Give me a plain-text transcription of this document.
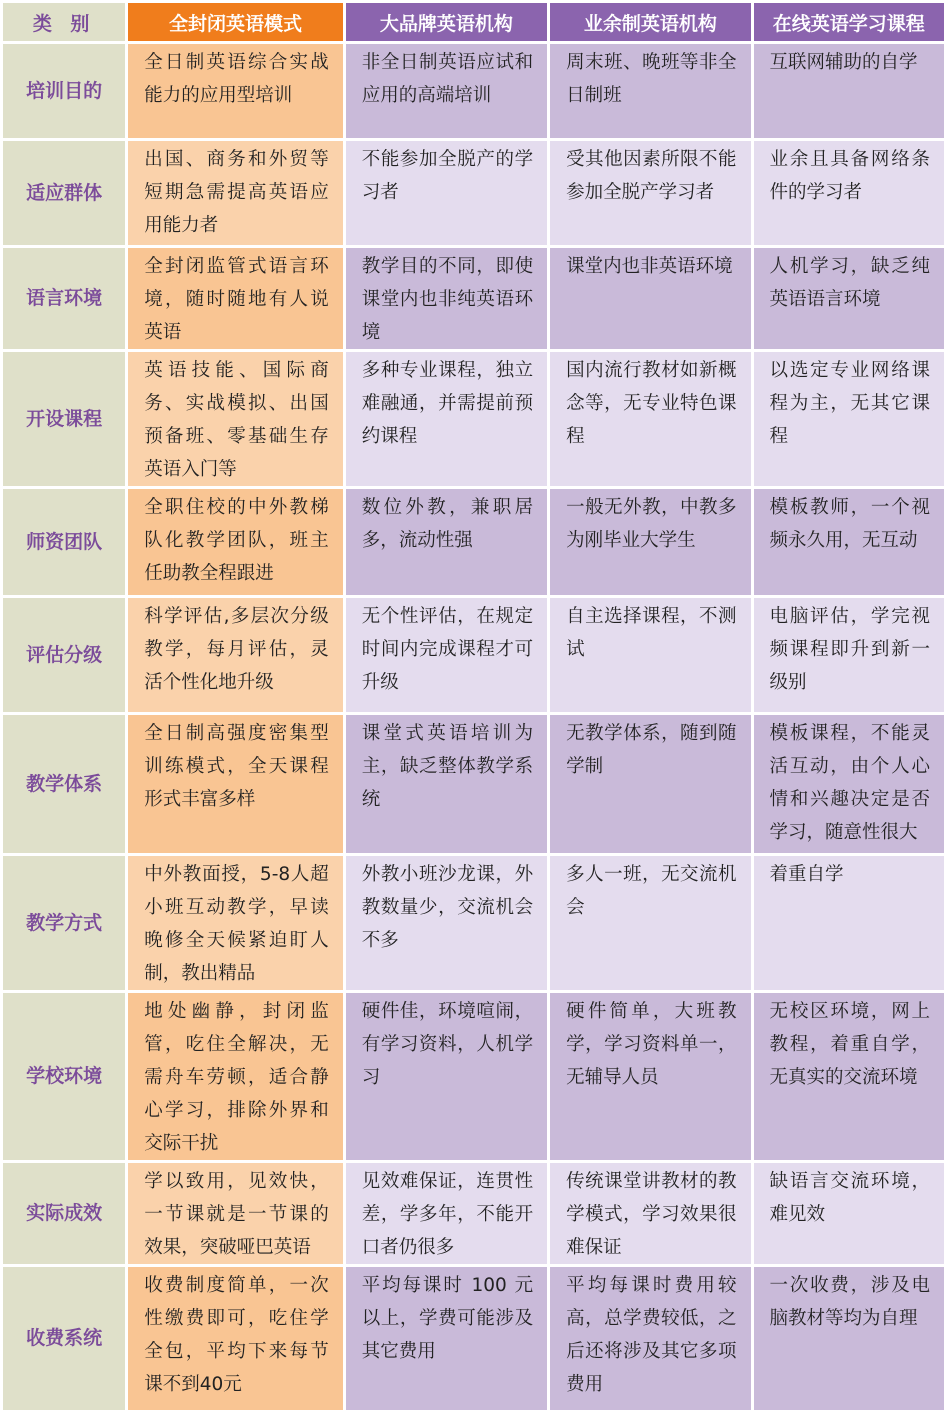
类 别	全封闭英语模式	大品牌英语机构	业余制英语机构	在线英语学习课程
培训目的	全日制英语综合实战能力的应用型培训	非全日制英语应试和应用的高端培训	周末班、晚班等非全日制班	互联网辅助的自学
适应群体	出国、商务和外贸等短期急需提高英语应用能力者	不能参加全脱产的学习者	受其他因素所限不能参加全脱产学习者	业余且具备网络条件的学习者
语言环境	全封闭监管式语言环境，随时随地有人说英语	教学目的不同，即使课堂内也非纯英语环境	课堂内也非英语环境	人机学习，缺乏纯英语语言环境
开设课程	英语技能、国际商务、实战模拟、出国预备班、零基础生存英语入门等	多种专业课程，独立难融通，并需提前预约课程	国内流行教材如新概念等，无专业特色课程	以选定专业网络课程为主，无其它课程
师资团队	全职住校的中外教梯队化教学团队，班主任助教全程跟进	数位外教，兼职居多，流动性强	一般无外教，中教多为刚毕业大学生	模板教师，一个视频永久用，无互动
评估分级	科学评估,多层次分级教学，每月评估，灵活个性化地升级	无个性评估，在规定时间内完成课程才可升级	自主选择课程，不测试	电脑评估，学完视频课程即升到新一级别
教学体系	全日制高强度密集型训练模式，全天课程形式丰富多样	课堂式英语培训为主，缺乏整体教学系统	无教学体系，随到随学制	模板课程，不能灵活互动，由个人心情和兴趣决定是否学习，随意性很大
教学方式	中外教面授，5-8人超小班互动教学，早读晚修全天候紧迫盯人制，教出精品	外教小班沙龙课，外教数量少，交流机会不多	多人一班，无交流机会	着重自学
学校环境	地处幽静，封闭监管，吃住全解决，无需舟车劳顿，适合静心学习，排除外界和交际干扰	硬件佳，环境喧闹，有学习资料，人机学习	硬件简单，大班教学，学习资料单一，无辅导人员	无校区环境，网上教程，着重自学，无真实的交流环境
实际成效	学以致用，见效快，一节课就是一节课的效果，突破哑巴英语	见效难保证，连贯性差，学多年，不能开口者仍很多	传统课堂讲教材的教学模式，学习效果很难保证	缺语言交流环境，难见效
收费系统	收费制度简单，一次性缴费即可，吃住学全包，平均下来每节课不到40元	平均每课时 100 元以上，学费可能涉及其它费用	平均每课时费用较高，总学费较低，之后还将涉及其它多项费用	一次收费，涉及电脑教材等均为自理
